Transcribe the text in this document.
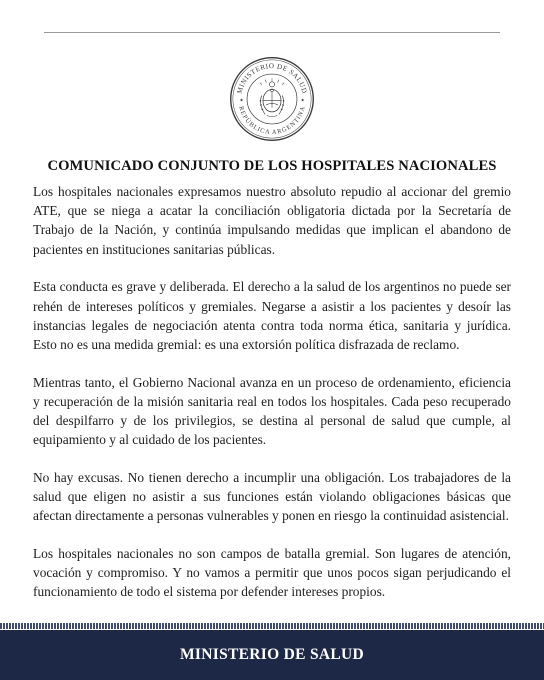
MINISTERIO DE SALUD
REPÚBLICA ARGENTINA
★	★
COMUNICADO CONJUNTO DE LOS HOSPITALES NACIONALES

Los hospitales nacionales expresamos nuestro absoluto repudio al accionar del gremio ATE, que se niega a acatar la conciliación obligatoria dictada por la Secretaría de Trabajo de la Nación, y continúa impulsando medidas que implican el abandono de pacientes en instituciones sanitarias públicas.

Esta conducta es grave y deliberada. El derecho a la salud de los argentinos no puede ser rehén de intereses políticos y gremiales. Negarse a asistir a los pacientes y desoír las instancias legales de negociación atenta contra toda norma ética, sanitaria y jurídica. Esto no es una medida gremial: es una extorsión política disfrazada de reclamo.

Mientras tanto, el Gobierno Nacional avanza en un proceso de ordenamiento, eficiencia y recuperación de la misión sanitaria real en todos los hospitales. Cada peso recuperado del despilfarro y de los privilegios, se destina al personal de salud que cumple, al equipamiento y al cuidado de los pacientes.

No hay excusas. No tienen derecho a incumplir una obligación. Los trabajadores de la salud que eligen no asistir a sus funciones están violando obligaciones básicas que afectan directamente a personas vulnerables y ponen en riesgo la continuidad asistencial.

Los hospitales nacionales no son campos de batalla gremial. Son lugares de atención, vocación y compromiso. Y no vamos a permitir que unos pocos sigan perjudicando el funcionamiento de todo el sistema por defender intereses propios.

MINISTERIO DE SALUD
